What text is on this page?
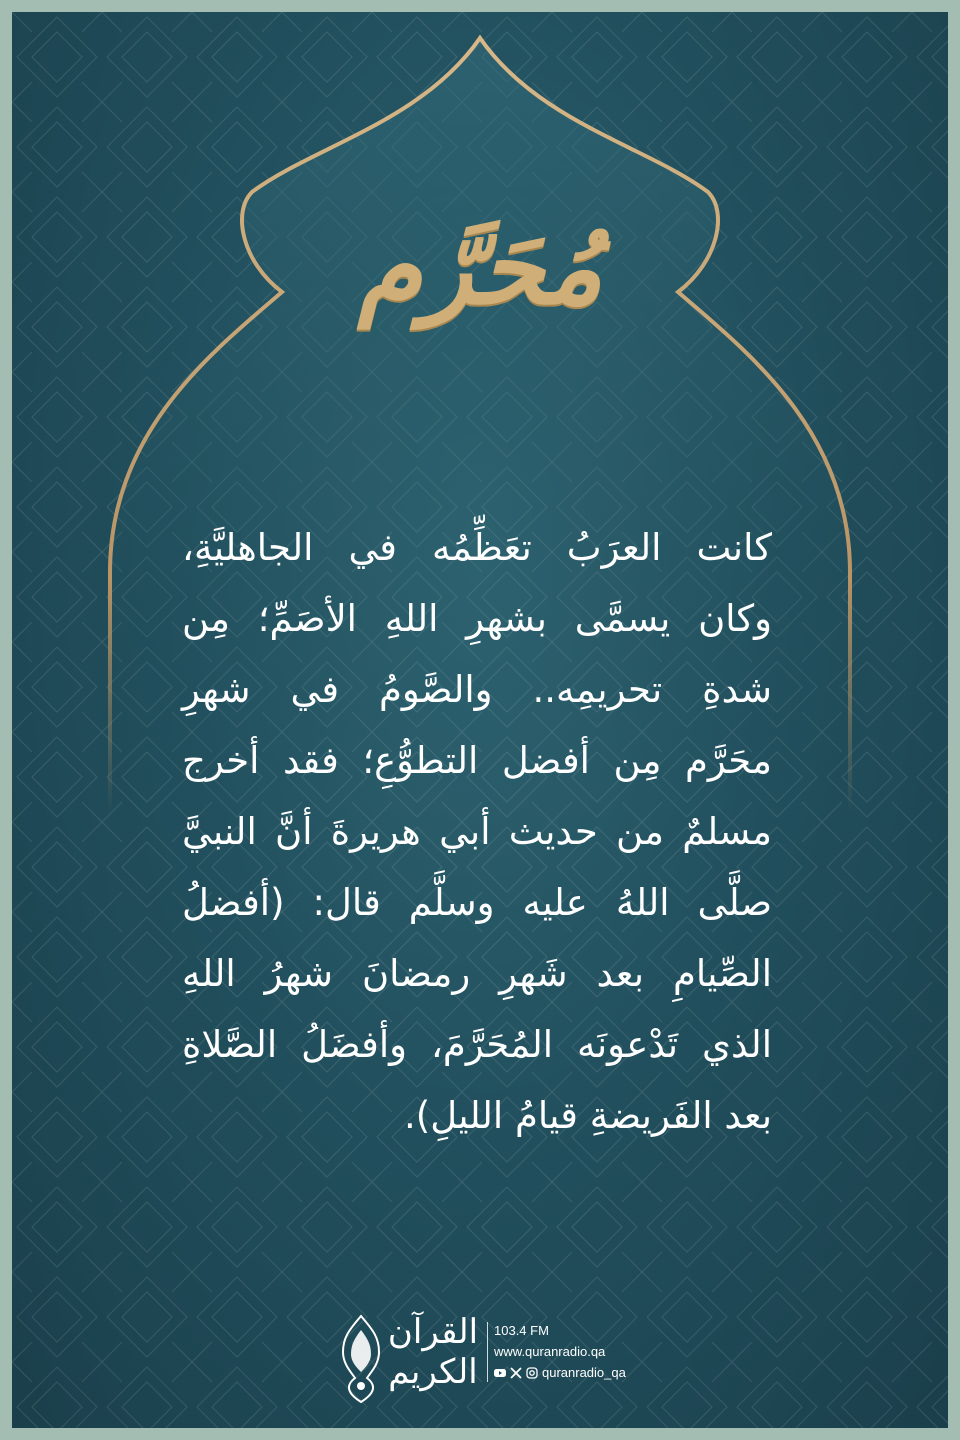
مُحَرَّم
كانت العرَبُ تعَظِّمُه في الجاهليَّةِ،
وكان يسمَّى بشهرِ اللهِ الأصَمِّ؛ مِن
شدةِ تحريمِه.. والصَّومُ في شهرِ
محَرَّم مِن أفضل التطوُّعِ؛ فقد أخرج
مسلمٌ من حديث أبي هريرةَ أنَّ النبيَّ
صلَّى اللهُ عليه وسلَّم قال: (أفضلُ
الصِّيامِ بعد شَهرِ رمضانَ شهرُ اللهِ
الذي تَدْعونَه المُحَرَّمَ، وأفضَلُ الصَّلاةِ
بعد الفَريضةِ قيامُ الليلِ).
القرآن
الكريم
103.4 FM
www.quranradio.qa
quranradio_qa
